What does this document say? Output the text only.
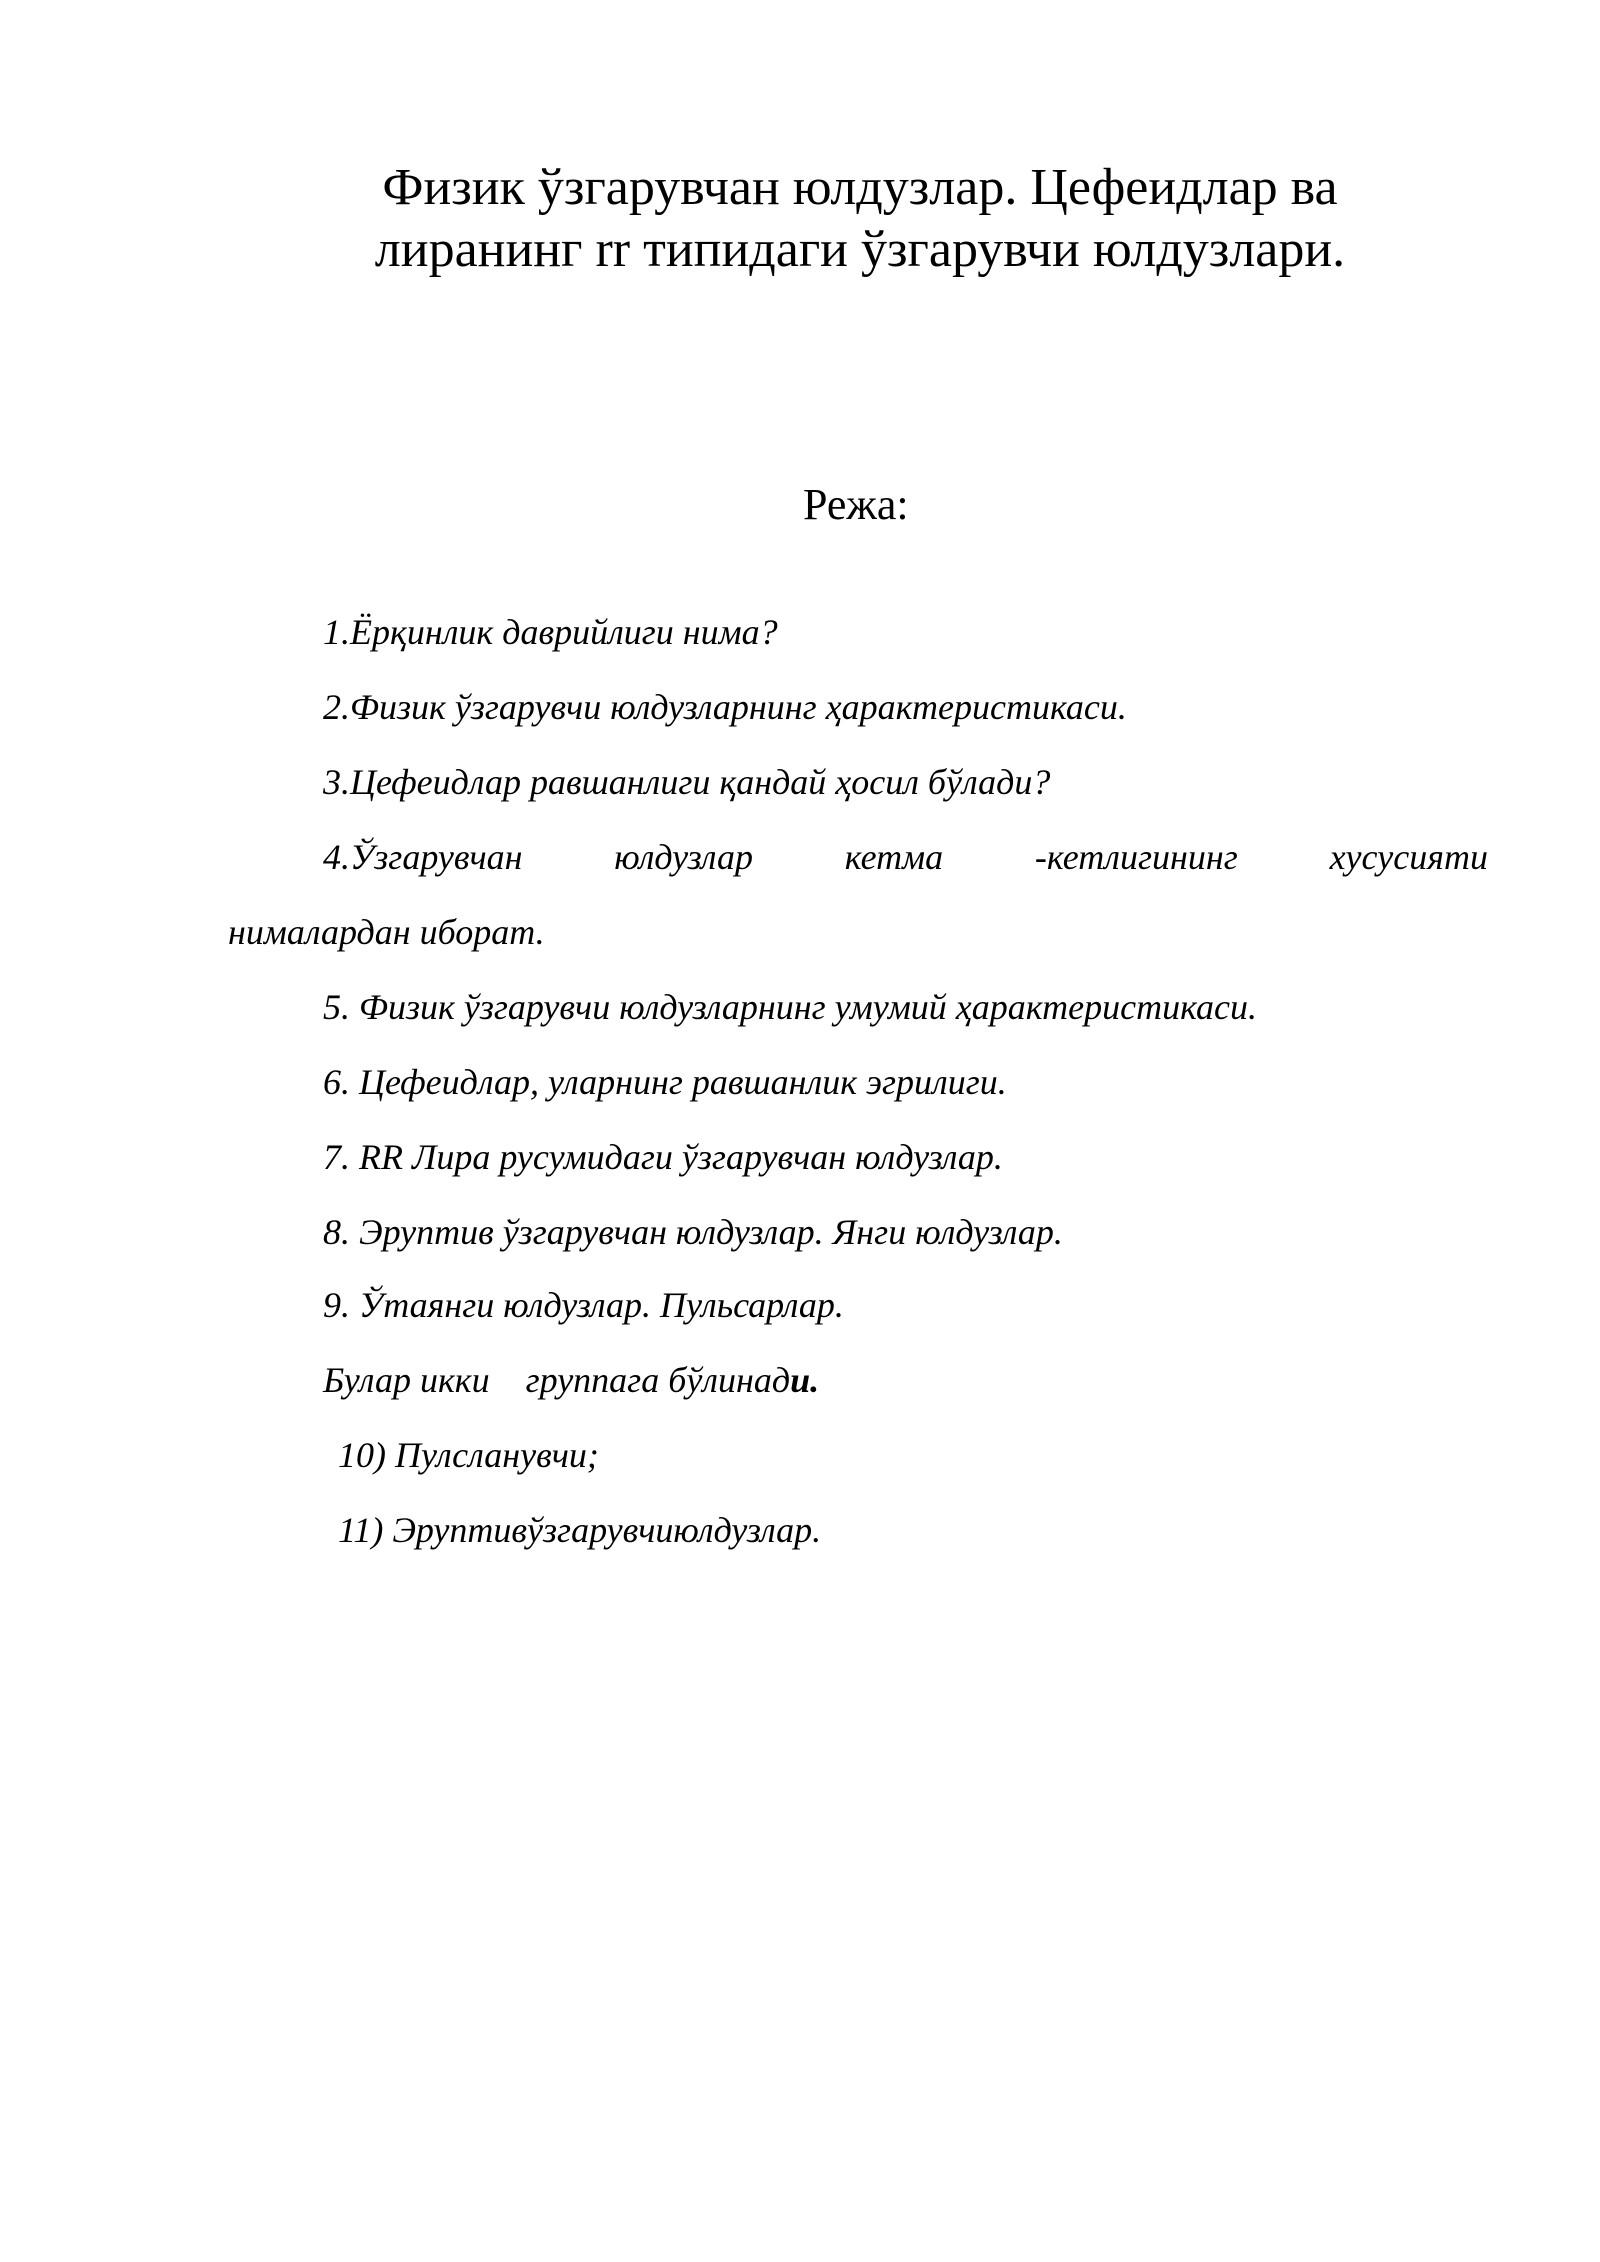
Физик ўзгарувчан юлдузлар. Цефеидлар ва
лиранинг rr типидаги ўзгарувчи юлдузлари.
Режа:
1.Ёрқинлик даврийлиги нима?
2.Физик ўзгарувчи юлдузларнинг ҳарактеристикаси.
3.Цефеидлар равшанлиги қандай ҳосил бўлади?
4.Ўзгарувчан	юлдузлар	кетма	-кетлигининг	хусусияти
нималардан иборат.
5. Физик ўзгарувчи юлдузларнинг умумий ҳарактеристикаси.
6. Цефеидлар, уларнинг равшанлик эгрилиги.
7. RR Лира русумидаги ўзгарувчан юлдузлар.
8. Эруптив ўзгарувчан юлдузлар. Янги юлдузлар.
9. Ўтаянги юлдузлар. Пульсарлар.
Булар икки    группага бўлинади.
10) Пулсланувчи;
11) Эруптивўзгарувчиюлдузлар.
